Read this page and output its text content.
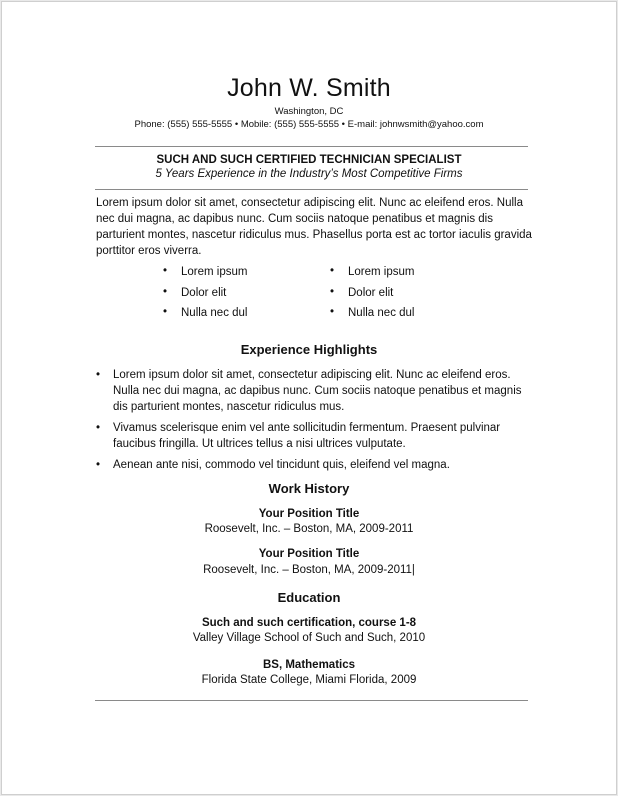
John W. Smith
Washington, DC
Phone: (555) 555-5555 • Mobile: (555) 555-5555 • E-mail: johnwsmith@yahoo.com
SUCH AND SUCH CERTIFIED TECHNICIAN SPECIALIST
5 Years Experience in the Industry’s Most Competitive Firms

Lorem ipsum dolor sit amet, consectetur adipiscing elit. Nunc ac eleifend eros. Nulla nec dui magna, ac dapibus nunc. Cum sociis natoque penatibus et magnis dis parturient montes, nascetur ridiculus mus. Phasellus porta est ac tortor iaculis gravida porttitor eros viverra.

• Lorem ipsum
• Dolor elit
• Nulla nec dul
• Lorem ipsum
• Dolor elit
• Nulla nec dul
Experience Highlights
• Lorem ipsum dolor sit amet, consectetur adipiscing elit. Nunc ac eleifend eros. Nulla nec dui magna, ac dapibus nunc. Cum sociis natoque penatibus et magnis dis parturient montes, nascetur ridiculus mus.
• Vivamus scelerisque enim vel ante sollicitudin fermentum. Praesent pulvinar faucibus fringilla. Ut ultrices tellus a nisi ultrices vulputate.
• Aenean ante nisi, commodo vel tincidunt quis, eleifend vel magna.
Work History
Your Position Title
Roosevelt, Inc. – Boston, MA, 2009-2011
Your Position Title
Roosevelt, Inc. – Boston, MA, 2009-2011|
Education
Such and such certification, course 1-8
Valley Village School of Such and Such, 2010
BS, Mathematics
Florida State College, Miami Florida, 2009
